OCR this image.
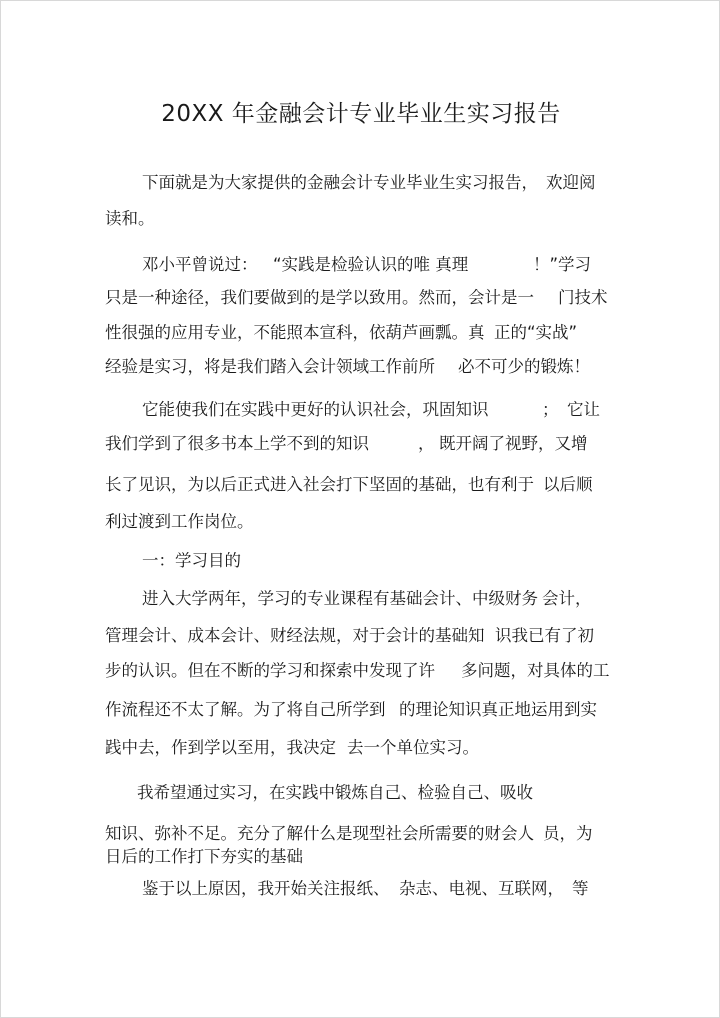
20XX 年金融会计专业毕业生实习报告
下面就是为大家提供的金融会计专业毕业生实习报告， 欢迎阅
读和。
邓小平曾说过： “实践是检验认识的唯 真理	！”学习
只是一种途径，我们要做到的是学以致用。然而，会计是一 门技术
性很强的应用专业，不能照本宣科，依葫芦画瓢。真 正的“实战”
经验是实习，将是我们踏入会计领域工作前所 必不可少的锻炼！
它能使我们在实践中更好的认识社会，巩固知识	； 它让
我们学到了很多书本上学不到的知识	， 既开阔了视野，又增
长了见识，为以后正式进入社会打下坚固的基础，也有利于 以后顺
利过渡到工作岗位。
一：学习目的
进入大学两年，学习的专业课程有基础会计、中级财务 会计，
管理会计、成本会计、财经法规，对于会计的基础知 识我已有了初
步的认识。但在不断的学习和探索中发现了许 多问题，对具体的工
作流程还不太了解。为了将自己所学到 的理论知识真正地运用到实
践中去，作到学以至用，我决定 去一个单位实习。
我希望通过实习，在实践中锻炼自己、检验自己、吸收
知识、弥补不足。充分了解什么是现型社会所需要的财会人 员，为
日后的工作打下夯实的基础
鉴于以上原因，我开始关注报纸、 杂志、电视、互联网， 等
